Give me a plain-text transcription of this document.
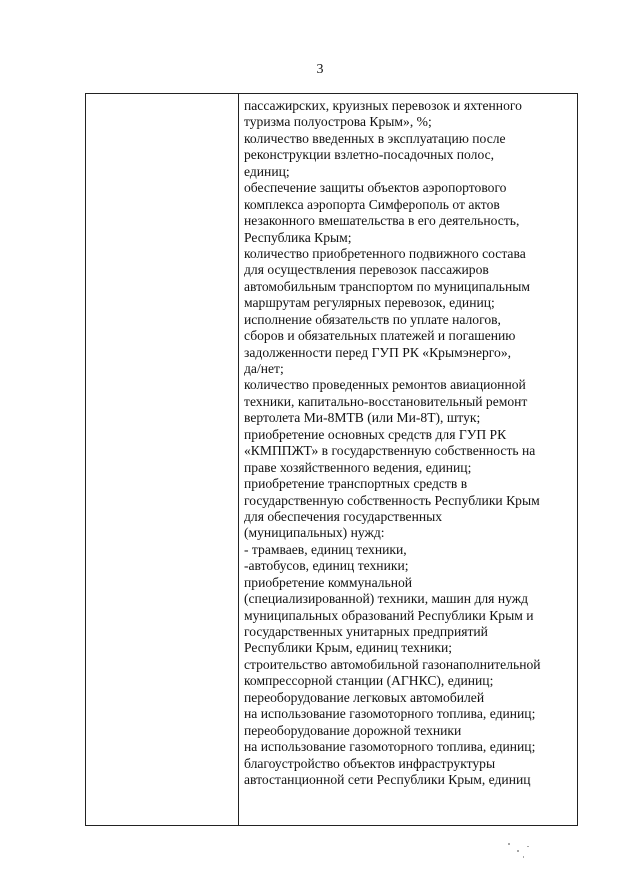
3
пассажирских, круизных перевозок и яхтенного
туризма полуострова Крым», %;
количество введенных в эксплуатацию после
реконструкции взлетно-посадочных полос,
единиц;
обеспечение защиты объектов аэропортового
комплекса аэропорта Симферополь от актов
незаконного вмешательства в его деятельность,
Республика Крым;
количество приобретенного подвижного состава
для осуществления перевозок пассажиров
автомобильным транспортом по муниципальным
маршрутам регулярных перевозок, единиц;
исполнение обязательств по уплате налогов,
сборов и обязательных платежей и погашению
задолженности перед ГУП РК «Крымэнерго»,
да/нет;
количество проведенных ремонтов авиационной
техники, капитально-восстановительный ремонт
вертолета Ми-8МТВ (или Ми-8Т), штук;
приобретение основных средств для ГУП РК
«КМППЖТ» в государственную собственность на
праве хозяйственного ведения, единиц;
приобретение транспортных средств в
государственную собственность Республики Крым
для обеспечения государственных
(муниципальных) нужд:
- трамваев, единиц техники,
-автобусов, единиц техники;
приобретение коммунальной
(специализированной) техники, машин для нужд
муниципальных образований Республики Крым и
государственных унитарных предприятий
Республики Крым, единиц техники;
строительство автомобильной газонаполнительной
компрессорной станции (АГНКС), единиц;
переоборудование легковых автомобилей
на использование газомоторного топлива, единиц;
переоборудование дорожной техники
на использование газомоторного топлива, единиц;
благоустройство объектов инфраструктуры
автостанционной сети Республики Крым, единиц
